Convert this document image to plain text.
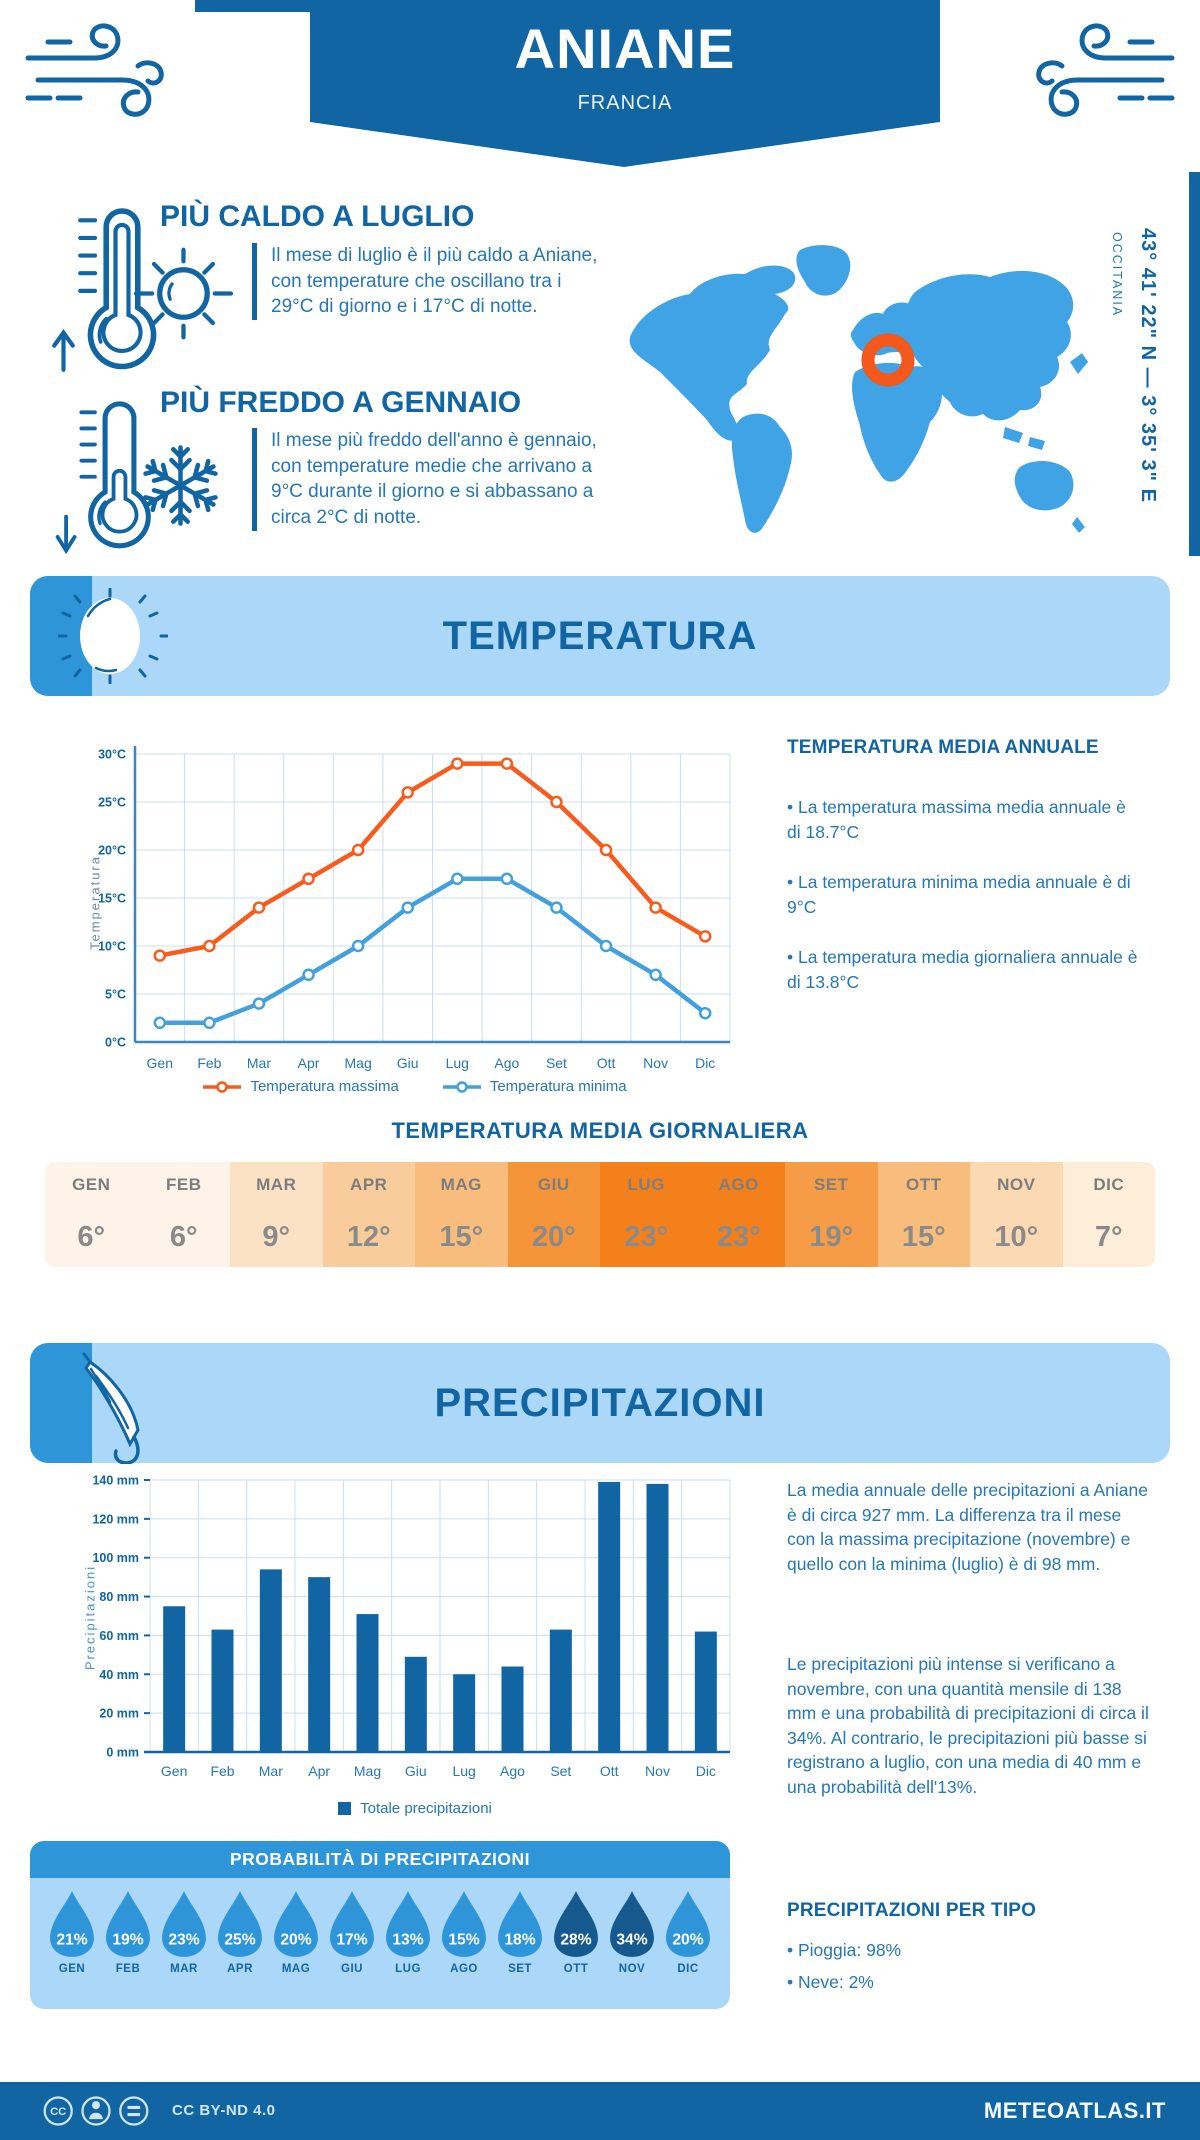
ANIANE
FRANCIA
PIÙ CALDO A LUGLIO
Il mese di luglio è il più caldo a Aniane, con temperature che oscillano tra i 29°C di giorno e i 17°C di notte.
PIÙ FREDDO A GENNAIO
Il mese più freddo dell'anno è gennaio, con temperature medie che arrivano a 9°C durante il giorno e si abbassano a circa 2°C di notte.
43° 41' 22" N — 3° 35' 3" E
OCCITANIA
TEMPERATURA
0°C
5°C
10°C
15°C
20°C
25°C
30°C
Gen Feb Mar Apr Mag Giu Lug Ago Set Ott Nov Dic
Temperatura
Temperatura massima	Temperatura minima
TEMPERATURA MEDIA ANNUALE
• La temperatura massima media annuale è di 18.7°C
• La temperatura minima media annuale è di 9°C
• La temperatura media giornaliera annuale è di 13.8°C
TEMPERATURA MEDIA GIORNALIERA
GEN
6°
FEB
6°
MAR
9°
APR
12°
MAG
15°
GIU
20°
LUG
23°
AGO
23°
SET
19°
OTT
15°
NOV
10°
DIC
7°
PRECIPITAZIONI
0 mm
20 mm
40 mm
60 mm
80 mm
100 mm
120 mm
140 mm
Gen Feb Mar Apr Mag Giu Lug Ago Set Ott Nov Dic
Precipitazioni
Totale precipitazioni
La media annuale delle precipitazioni a Aniane è di circa 927 mm. La differenza tra il mese con la massima precipitazione (novembre) e quello con la minima (luglio) è di 98 mm.
Le precipitazioni più intense si verificano a novembre, con una quantità mensile di 138 mm e una probabilità di precipitazioni di circa il 34%. Al contrario, le precipitazioni più basse si registrano a luglio, con una media di 40 mm e una probabilità dell'13%.
PROBABILITÀ DI PRECIPITAZIONI
21%
GEN
19%
FEB
23%
MAR
25%
APR
20%
MAG
17%
GIU
13%
LUG
15%
AGO
18%
SET
28%
OTT
34%
NOV
20%
DIC
PRECIPITAZIONI PER TIPO
• Pioggia: 98%
• Neve: 2%
CC	CC BY-ND 4.0	METEOATLAS.IT
